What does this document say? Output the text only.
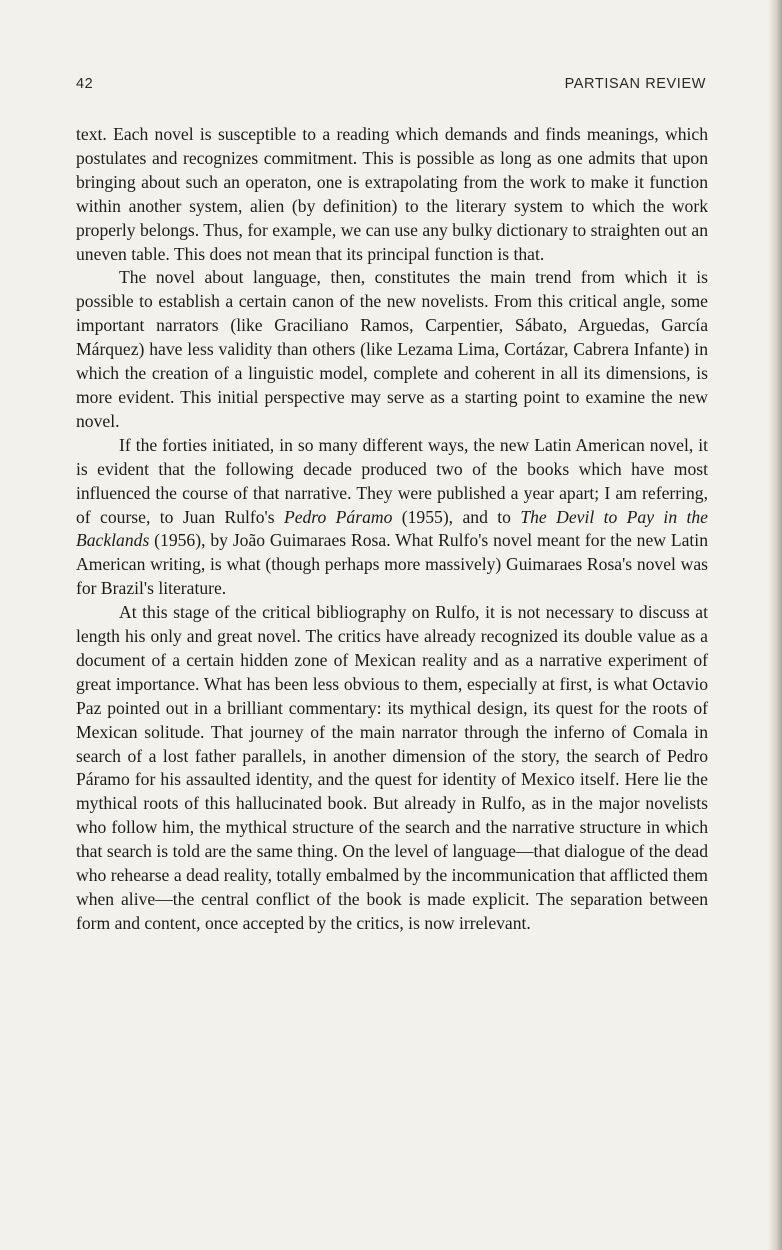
42	PARTISAN REVIEW

text. Each novel is susceptible to a reading which demands and finds meanings, which postulates and recognizes commitment. This is possible as long as one admits that upon bringing about such an operaton, one is extrapolating from the work to make it function within another system, alien (by definition) to the literary system to which the work properly belongs. Thus, for example, we can use any bulky dictionary to straighten out an uneven table. This does not mean that its principal function is that.

The novel about language, then, constitutes the main trend from which it is possible to establish a certain canon of the new novelists. From this critical angle, some important narrators (like Graciliano Ramos, Carpentier, Sábato, Arguedas, García Márquez) have less validity than others (like Lezama Lima, Cortázar, Cabrera Infante) in which the creation of a linguistic model, complete and coherent in all its dimensions, is more evident. This initial perspective may serve as a starting point to examine the new novel.

If the forties initiated, in so many different ways, the new Latin American novel, it is evident that the following decade produced two of the books which have most influenced the course of that narrative. They were published a year apart; I am referring, of course, to Juan Rulfo's Pedro Páramo (1955), and to The Devil to Pay in the Backlands (1956), by João Guimaraes Rosa. What Rulfo's novel meant for the new Latin American writing, is what (though perhaps more massively) Guimaraes Rosa's novel was for Brazil's literature.

At this stage of the critical bibliography on Rulfo, it is not necessary to discuss at length his only and great novel. The critics have already recognized its double value as a document of a certain hidden zone of Mexican reality and as a narrative experiment of great importance. What has been less obvious to them, especially at first, is what Octavio Paz pointed out in a brilliant commentary: its mythical design, its quest for the roots of Mexican solitude. That journey of the main narrator through the inferno of Comala in search of a lost father parallels, in another dimension of the story, the search of Pedro Páramo for his assaulted identity, and the quest for identity of Mexico itself. Here lie the mythical roots of this hallucinated book. But already in Rulfo, as in the major novelists who follow him, the mythical structure of the search and the narrative structure in which that search is told are the same thing. On the level of language—that dialogue of the dead who rehearse a dead reality, totally embalmed by the incommunication that afflicted them when alive—the central conflict of the book is made explicit. The separation between form and content, once accepted by the critics, is now irrelevant.
